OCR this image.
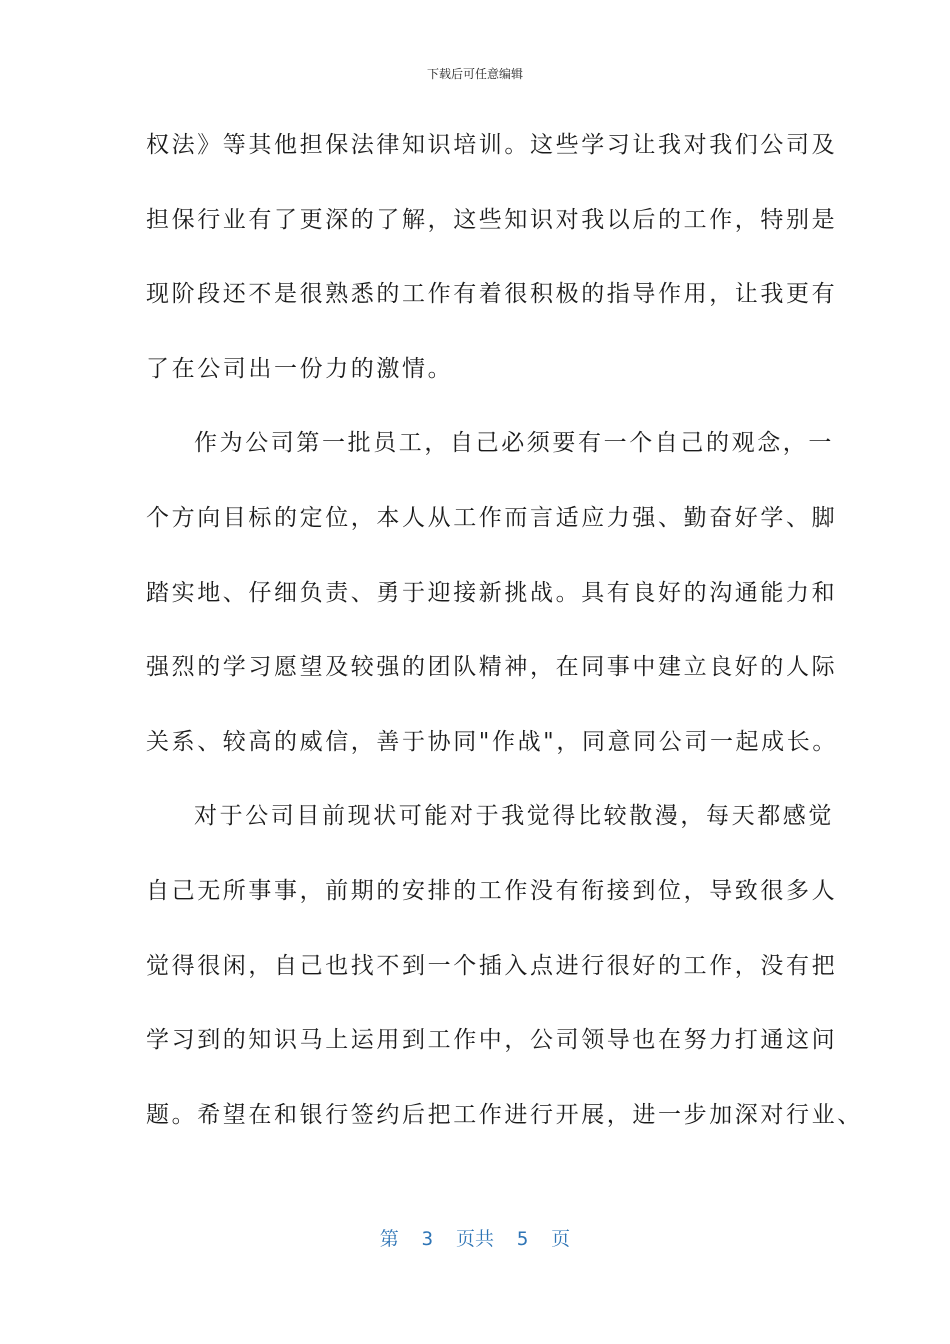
下载后可任意编辑
权法》等其他担保法律知识培训。这些学习让我对我们公司及
担保行业有了更深的了解，这些知识对我以后的工作，特别是
现阶段还不是很熟悉的工作有着很积极的指导作用，让我更有
了在公司出一份力的激情。
作为公司第一批员工，自己必须要有一个自己的观念，一
个方向目标的定位，本人从工作而言适应力强、勤奋好学、脚
踏实地、仔细负责、勇于迎接新挑战。具有良好的沟通能力和
强烈的学习愿望及较强的团队精神，在同事中建立良好的人际
关系、较高的威信，善于协同"作战"，同意同公司一起成长。
对于公司目前现状可能对于我觉得比较散漫，每天都感觉
自己无所事事，前期的安排的工作没有衔接到位，导致很多人
觉得很闲，自己也找不到一个插入点进行很好的工作，没有把
学习到的知识马上运用到工作中，公司领导也在努力打通这问
题。希望在和银行签约后把工作进行开展，进一步加深对行业、
第  3  页共  5  页
